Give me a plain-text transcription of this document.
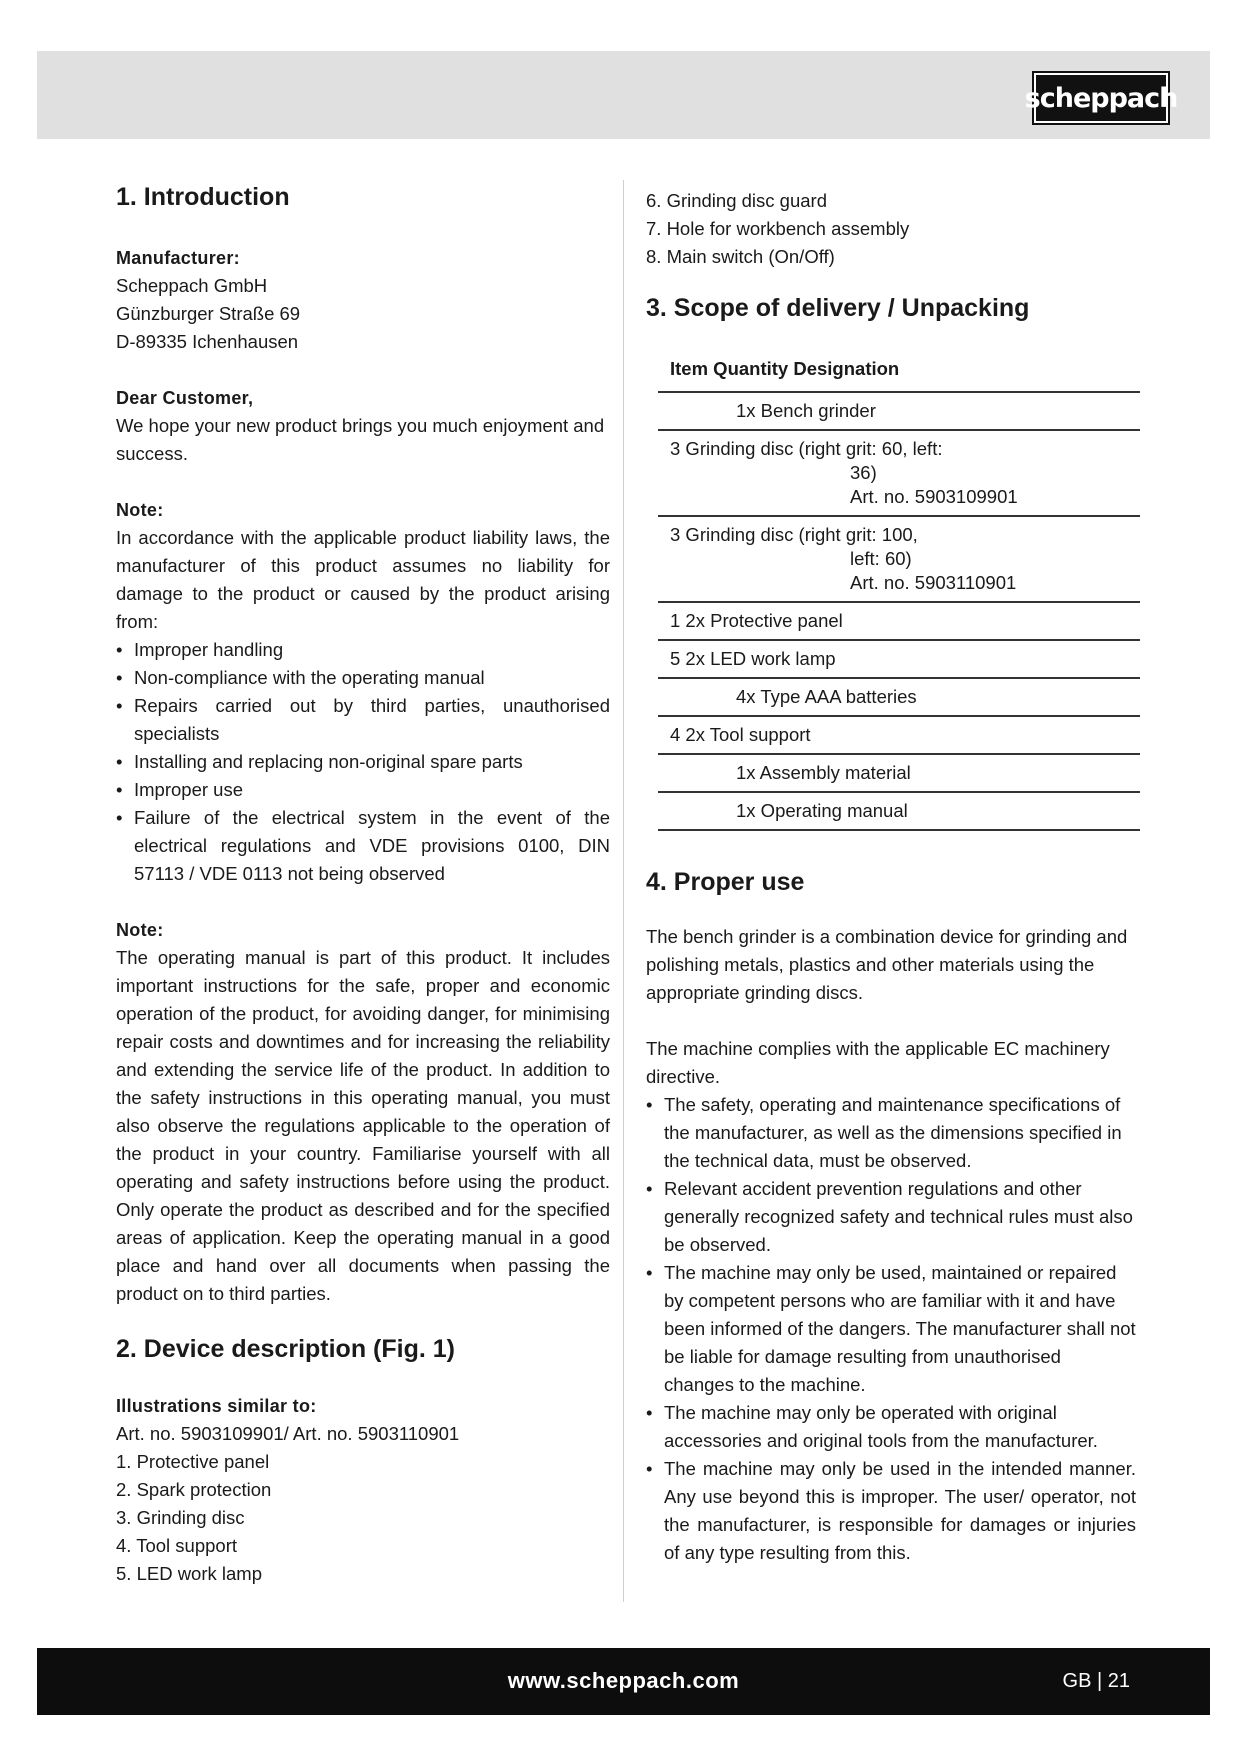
scheppach
1. Introduction
Manufacturer:
Scheppach GmbH
Günzburger Straße 69
D-89335 Ichenhausen
Dear Customer,
We hope your new product brings you much enjoyment and success.
Note:
In accordance with the applicable product liability laws, the manufacturer of this product assumes no liability for damage to the product or caused by the product arising from:
• Improper handling
• Non-compliance with the operating manual
• Repairs carried out by third parties, unauthorised specialists
• Installing and replacing non-original spare parts
• Improper use
• Failure of the electrical system in the event of the electrical regulations and VDE provisions 0100, DIN 57113 / VDE 0113 not being observed
Note:
The operating manual is part of this product. It includes important instructions for the safe, proper and economic operation of the product, for avoiding danger, for minimising repair costs and downtimes and for increasing the reliability and extending the service life of the product. In addition to the safety instructions in this operating manual, you must also observe the regulations applicable to the operation of the product in your country. Familiarise yourself with all operating and safety instructions before using the product. Only operate the product as described and for the specified areas of application. Keep the operating manual in a good place and hand over all documents when passing the product on to third parties.
2. Device description (Fig. 1)
Illustrations similar to:
Art. no. 5903109901/ Art. no. 5903110901
1. Protective panel
2. Spark protection
3. Grinding disc
4. Tool support
5. LED work lamp
6. Grinding disc guard
7. Hole for workbench assembly
8. Main switch (On/Off)
3. Scope of delivery / Unpacking
Item Quantity Designation
1x Bench grinder
3 Grinding disc (right grit: 60, left:
36)
Art. no. 5903109901
3 Grinding disc (right grit: 100,
left: 60)
Art. no. 5903110901
1 2x Protective panel
5 2x LED work lamp
4x Type AAA batteries
4 2x Tool support
1x Assembly material
1x Operating manual
4. Proper use
The bench grinder is a combination device for grinding and polishing metals, plastics and other materials using the appropriate grinding discs.
The machine complies with the applicable EC machinery directive.
• The safety, operating and maintenance specifications of the manufacturer, as well as the dimensions specified in the technical data, must be observed.
• Relevant accident prevention regulations and other generally recognized safety and technical rules must also be observed.
• The machine may only be used, maintained or repaired by competent persons who are familiar with it and have been informed of the dangers. The manufacturer shall not be liable for damage resulting from unauthorised changes to the machine.
• The machine may only be operated with original accessories and original tools from the manufacturer.
• The machine may only be used in the intended manner. Any use beyond this is improper. The user/ operator, not the manufacturer, is responsible for damages or injuries of any type resulting from this.
www.scheppach.com	GB | 21
